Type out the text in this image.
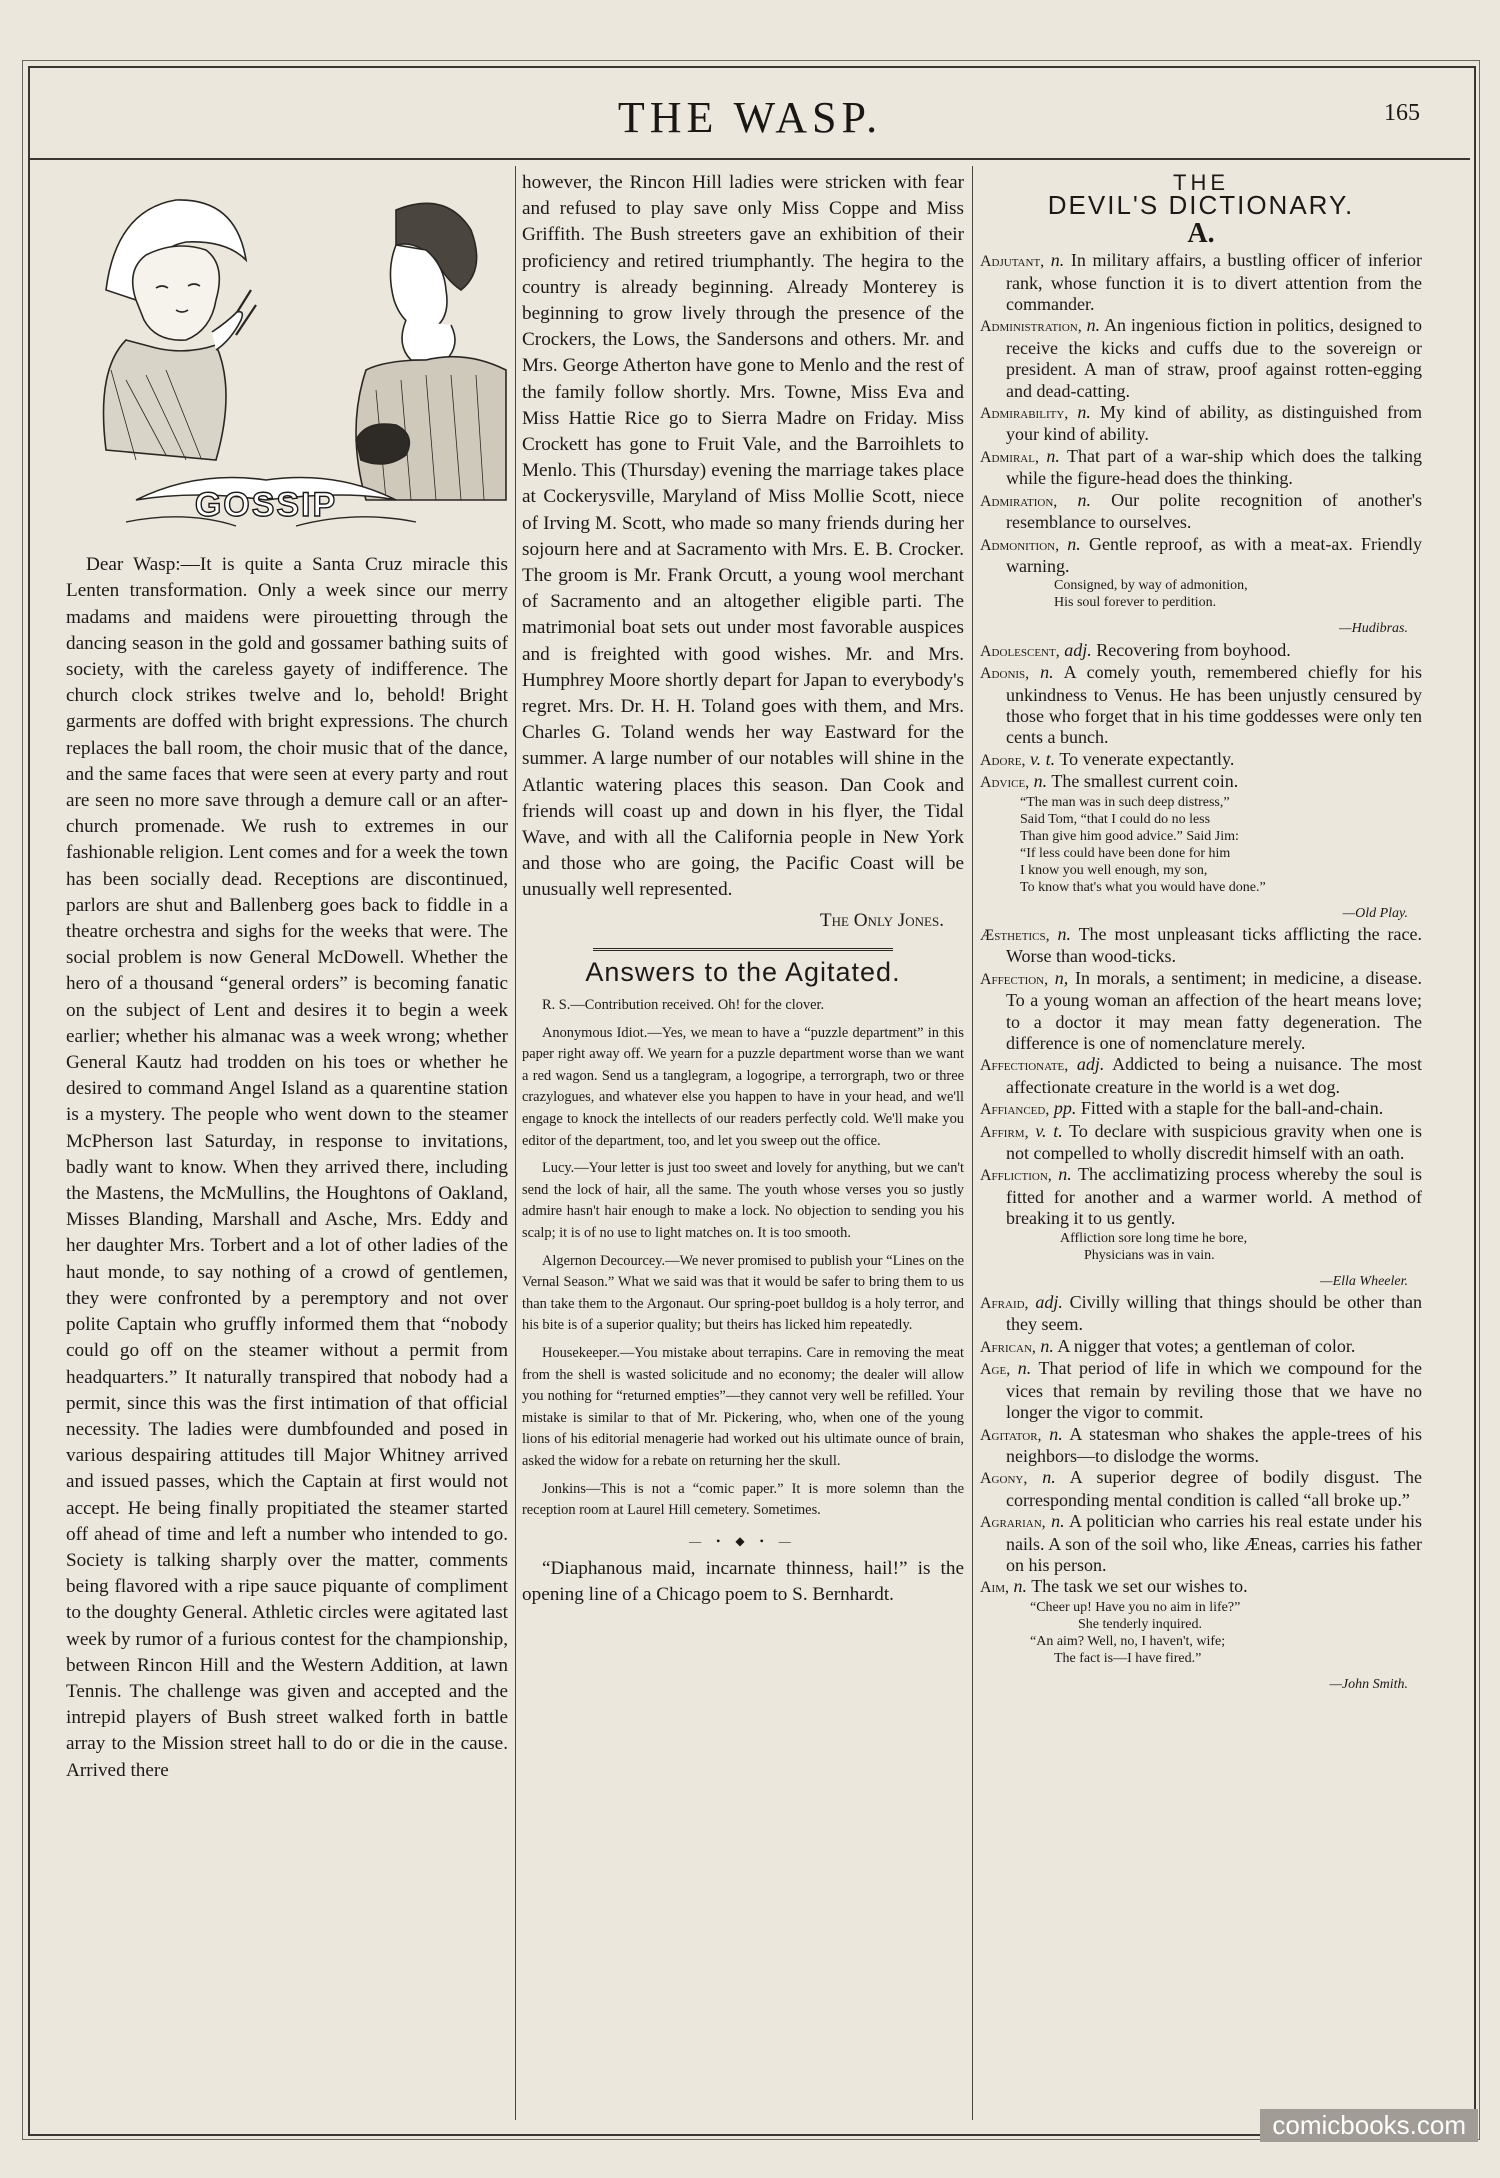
THE WASP.	165
GOSSIP

Dear Wasp:—It is quite a Santa Cruz miracle this Lenten transformation. Only a week since our merry madams and maidens were pirouetting through the dancing season in the gold and gossamer bathing suits of society, with the careless gayety of indifference. The church clock strikes twelve and lo, behold! Bright garments are doffed with bright expressions. The church replaces the ball room, the choir music that of the dance, and the same faces that were seen at every party and rout are seen no more save through a demure call or an after-church promenade. We rush to extremes in our fashionable religion. Lent comes and for a week the town has been socially dead. Receptions are discontinued, parlors are shut and Ballenberg goes back to fiddle in a theatre orchestra and sighs for the weeks that were. The social problem is now General McDowell. Whether the hero of a thousand “general orders” is becoming fanatic on the subject of Lent and desires it to begin a week earlier; whether his almanac was a week wrong; whether General Kautz had trodden on his toes or whether he desired to command Angel Island as a quarentine station is a mystery. The people who went down to the steamer McPherson last Saturday, in response to invitations, badly want to know. When they arrived there, including the Mastens, the McMullins, the Houghtons of Oakland, Misses Blanding, Marshall and Asche, Mrs. Eddy and her daughter Mrs. Torbert and a lot of other ladies of the haut monde, to say nothing of a crowd of gentlemen, they were confronted by a peremptory and not over polite Captain who gruffly informed them that “nobody could go off on the steamer without a permit from headquarters.” It naturally transpired that nobody had a permit, since this was the first intimation of that official necessity. The ladies were dumbfounded and posed in various despairing attitudes till Major Whitney arrived and issued passes, which the Captain at first would not accept. He being finally propitiated the steamer started off ahead of time and left a number who intended to go. Society is talking sharply over the matter, comments being flavored with a ripe sauce piquante of compliment to the doughty General. Athletic circles were agitated last week by rumor of a furious contest for the championship, between Rincon Hill and the Western Addition, at lawn Tennis. The challenge was given and accepted and the intrepid players of Bush street walked forth in battle array to the Mission street hall to do or die in the cause. Arrived there

however, the Rincon Hill ladies were stricken with fear and refused to play save only Miss Coppe and Miss Griffith. The Bush streeters gave an exhibition of their proficiency and retired triumphantly. The hegira to the country is already beginning. Already Monterey is beginning to grow lively through the presence of the Crockers, the Lows, the Sandersons and others. Mr. and Mrs. George Atherton have gone to Menlo and the rest of the family follow shortly. Mrs. Towne, Miss Eva and Miss Hattie Rice go to Sierra Madre on Friday. Miss Crockett has gone to Fruit Vale, and the Barroihlets to Menlo. This (Thursday) evening the marriage takes place at Cockerysville, Maryland of Miss Mollie Scott, niece of Irving M. Scott, who made so many friends during her sojourn here and at Sacramento with Mrs. E. B. Crocker. The groom is Mr. Frank Orcutt, a young wool merchant of Sacramento and an altogether eligible parti. The matrimonial boat sets out under most favorable auspices and is freighted with good wishes. Mr. and Mrs. Humphrey Moore shortly depart for Japan to everybody's regret. Mrs. Dr. H. H. Toland goes with them, and Mrs. Charles G. Toland wends her way Eastward for the summer. A large number of our notables will shine in the Atlantic watering places this season. Dan Cook and friends will coast up and down in his flyer, the Tidal Wave, and with all the California people in New York and those who are going, the Pacific Coast will be unusually well represented.

The Only Jones.
Answers to the Agitated.

R. S.—Contribution received. Oh! for the clover.

Anonymous Idiot.—Yes, we mean to have a “puzzle department” in this paper right away off. We yearn for a puzzle department worse than we want a red wagon. Send us a tanglegram, a logogripe, a terrorgraph, two or three crazylogues, and whatever else you happen to have in your head, and we'll engage to knock the intellects of our readers perfectly cold. We'll make you editor of the department, too, and let you sweep out the office.

Lucy.—Your letter is just too sweet and lovely for anything, but we can't send the lock of hair, all the same. The youth whose verses you so justly admire hasn't hair enough to make a lock. No objection to sending you his scalp; it is of no use to light matches on. It is too smooth.

Algernon Decourcey.—We never promised to publish your “Lines on the Vernal Season.” What we said was that it would be safer to bring them to us than take them to the Argonaut. Our spring-poet bulldog is a holy terror, and his bite is of a superior quality; but theirs has licked him repeatedly.

Housekeeper.—You mistake about terrapins. Care in removing the meat from the shell is wasted solicitude and no economy; the dealer will allow you nothing for “returned empties”—they cannot very well be refilled. Your mistake is similar to that of Mr. Pickering, who, when one of the young lions of his editorial menagerie had worked out his ultimate ounce of brain, asked the widow for a rebate on returning her the skull.

Jonkins—This is not a “comic paper.” It is more solemn than the reception room at Laurel Hill cemetery. Sometimes.

— • ◆ • —

“Diaphanous maid, incarnate thinness, hail!” is the opening line of a Chicago poem to S. Bernhardt.

THE
DEVIL'S DICTIONARY.
A.

Adjutant, n. In military affairs, a bustling officer of inferior rank, whose function it is to divert attention from the commander.

Administration, n. An ingenious fiction in politics, designed to receive the kicks and cuffs due to the sovereign or president. A man of straw, proof against rotten-egging and dead-catting.

Admirability, n. My kind of ability, as distinguished from your kind of ability.

Admiral, n. That part of a war-ship which does the talking while the figure-head does the thinking.

Admiration, n. Our polite recognition of another's resemblance to ourselves.

Admonition, n. Gentle reproof, as with a meat-ax. Friendly warning.

Consigned, by way of admonition,
His soul forever to perdition.
—Hudibras.

Adolescent, adj. Recovering from boyhood.

Adonis, n. A comely youth, remembered chiefly for his unkindness to Venus. He has been unjustly censured by those who forget that in his time goddesses were only ten cents a bunch.

Adore, v. t. To venerate expectantly.

Advice, n. The smallest current coin.

“The man was in such deep distress,”
Said Tom, “that I could do no less
Than give him good advice.” Said Jim:
“If less could have been done for him
I know you well enough, my son,
To know that's what you would have done.”
—Old Play.

Æsthetics, n. The most unpleasant ticks afflicting the race. Worse than wood-ticks.

Affection, n, In morals, a sentiment; in medicine, a disease. To a young woman an affection of the heart means love; to a doctor it may mean fatty degeneration. The difference is one of nomenclature merely.

Affectionate, adj. Addicted to being a nuisance. The most affectionate creature in the world is a wet dog.

Affianced, pp. Fitted with a staple for the ball-and-chain.

Affirm, v. t. To declare with suspicious gravity when one is not compelled to wholly discredit himself with an oath.

Affliction, n. The acclimatizing process whereby the soul is fitted for another and a warmer world. A method of breaking it to us gently.

Affliction sore long time he bore,
Physicians was in vain.
—Ella Wheeler.

Afraid, adj. Civilly willing that things should be other than they seem.

African, n. A nigger that votes; a gentleman of color.

Age, n. That period of life in which we compound for the vices that remain by reviling those that we have no longer the vigor to commit.

Agitator, n. A statesman who shakes the apple-trees of his neighbors—to dislodge the worms.

Agony, n. A superior degree of bodily disgust. The corresponding mental condition is called “all broke up.”

Agrarian, n. A politician who carries his real estate under his nails. A son of the soil who, like Æneas, carries his father on his person.

Aim, n. The task we set our wishes to.

“Cheer up! Have you no aim in life?”
She tenderly inquired.
“An aim? Well, no, I haven't, wife;
The fact is—I have fired.”
—John Smith.
comicbooks.com
